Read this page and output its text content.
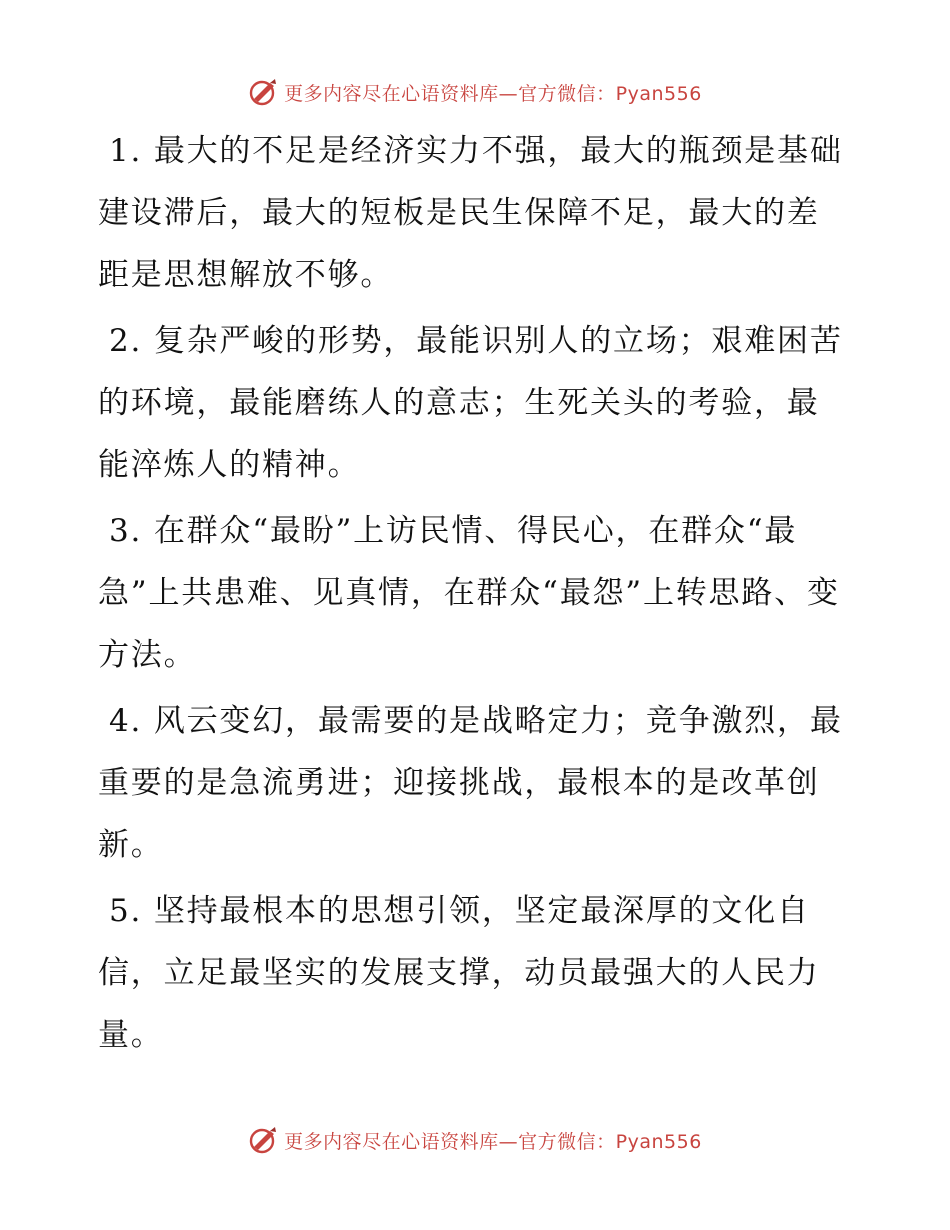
更多内容尽在心语资料库—官方微信：Pyan556

1. 最大的不足是经济实力不强，最大的瓶颈是基础建设滞后，最大的短板是民生保障不足，最大的差距是思想解放不够。

2. 复杂严峻的形势，最能识别人的立场；艰难困苦的环境，最能磨练人的意志；生死关头的考验，最能淬炼人的精神。

3. 在群众“最盼”上访民情、得民心，在群众“最急”上共患难、见真情，在群众“最怨”上转思路、变方法。

4. 风云变幻，最需要的是战略定力；竞争激烈，最重要的是急流勇进；迎接挑战，最根本的是改革创新。

5. 坚持最根本的思想引领，坚定最深厚的文化自信，立足最坚实的发展支撑，动员最强大的人民力量。

更多内容尽在心语资料库—官方微信：Pyan556
